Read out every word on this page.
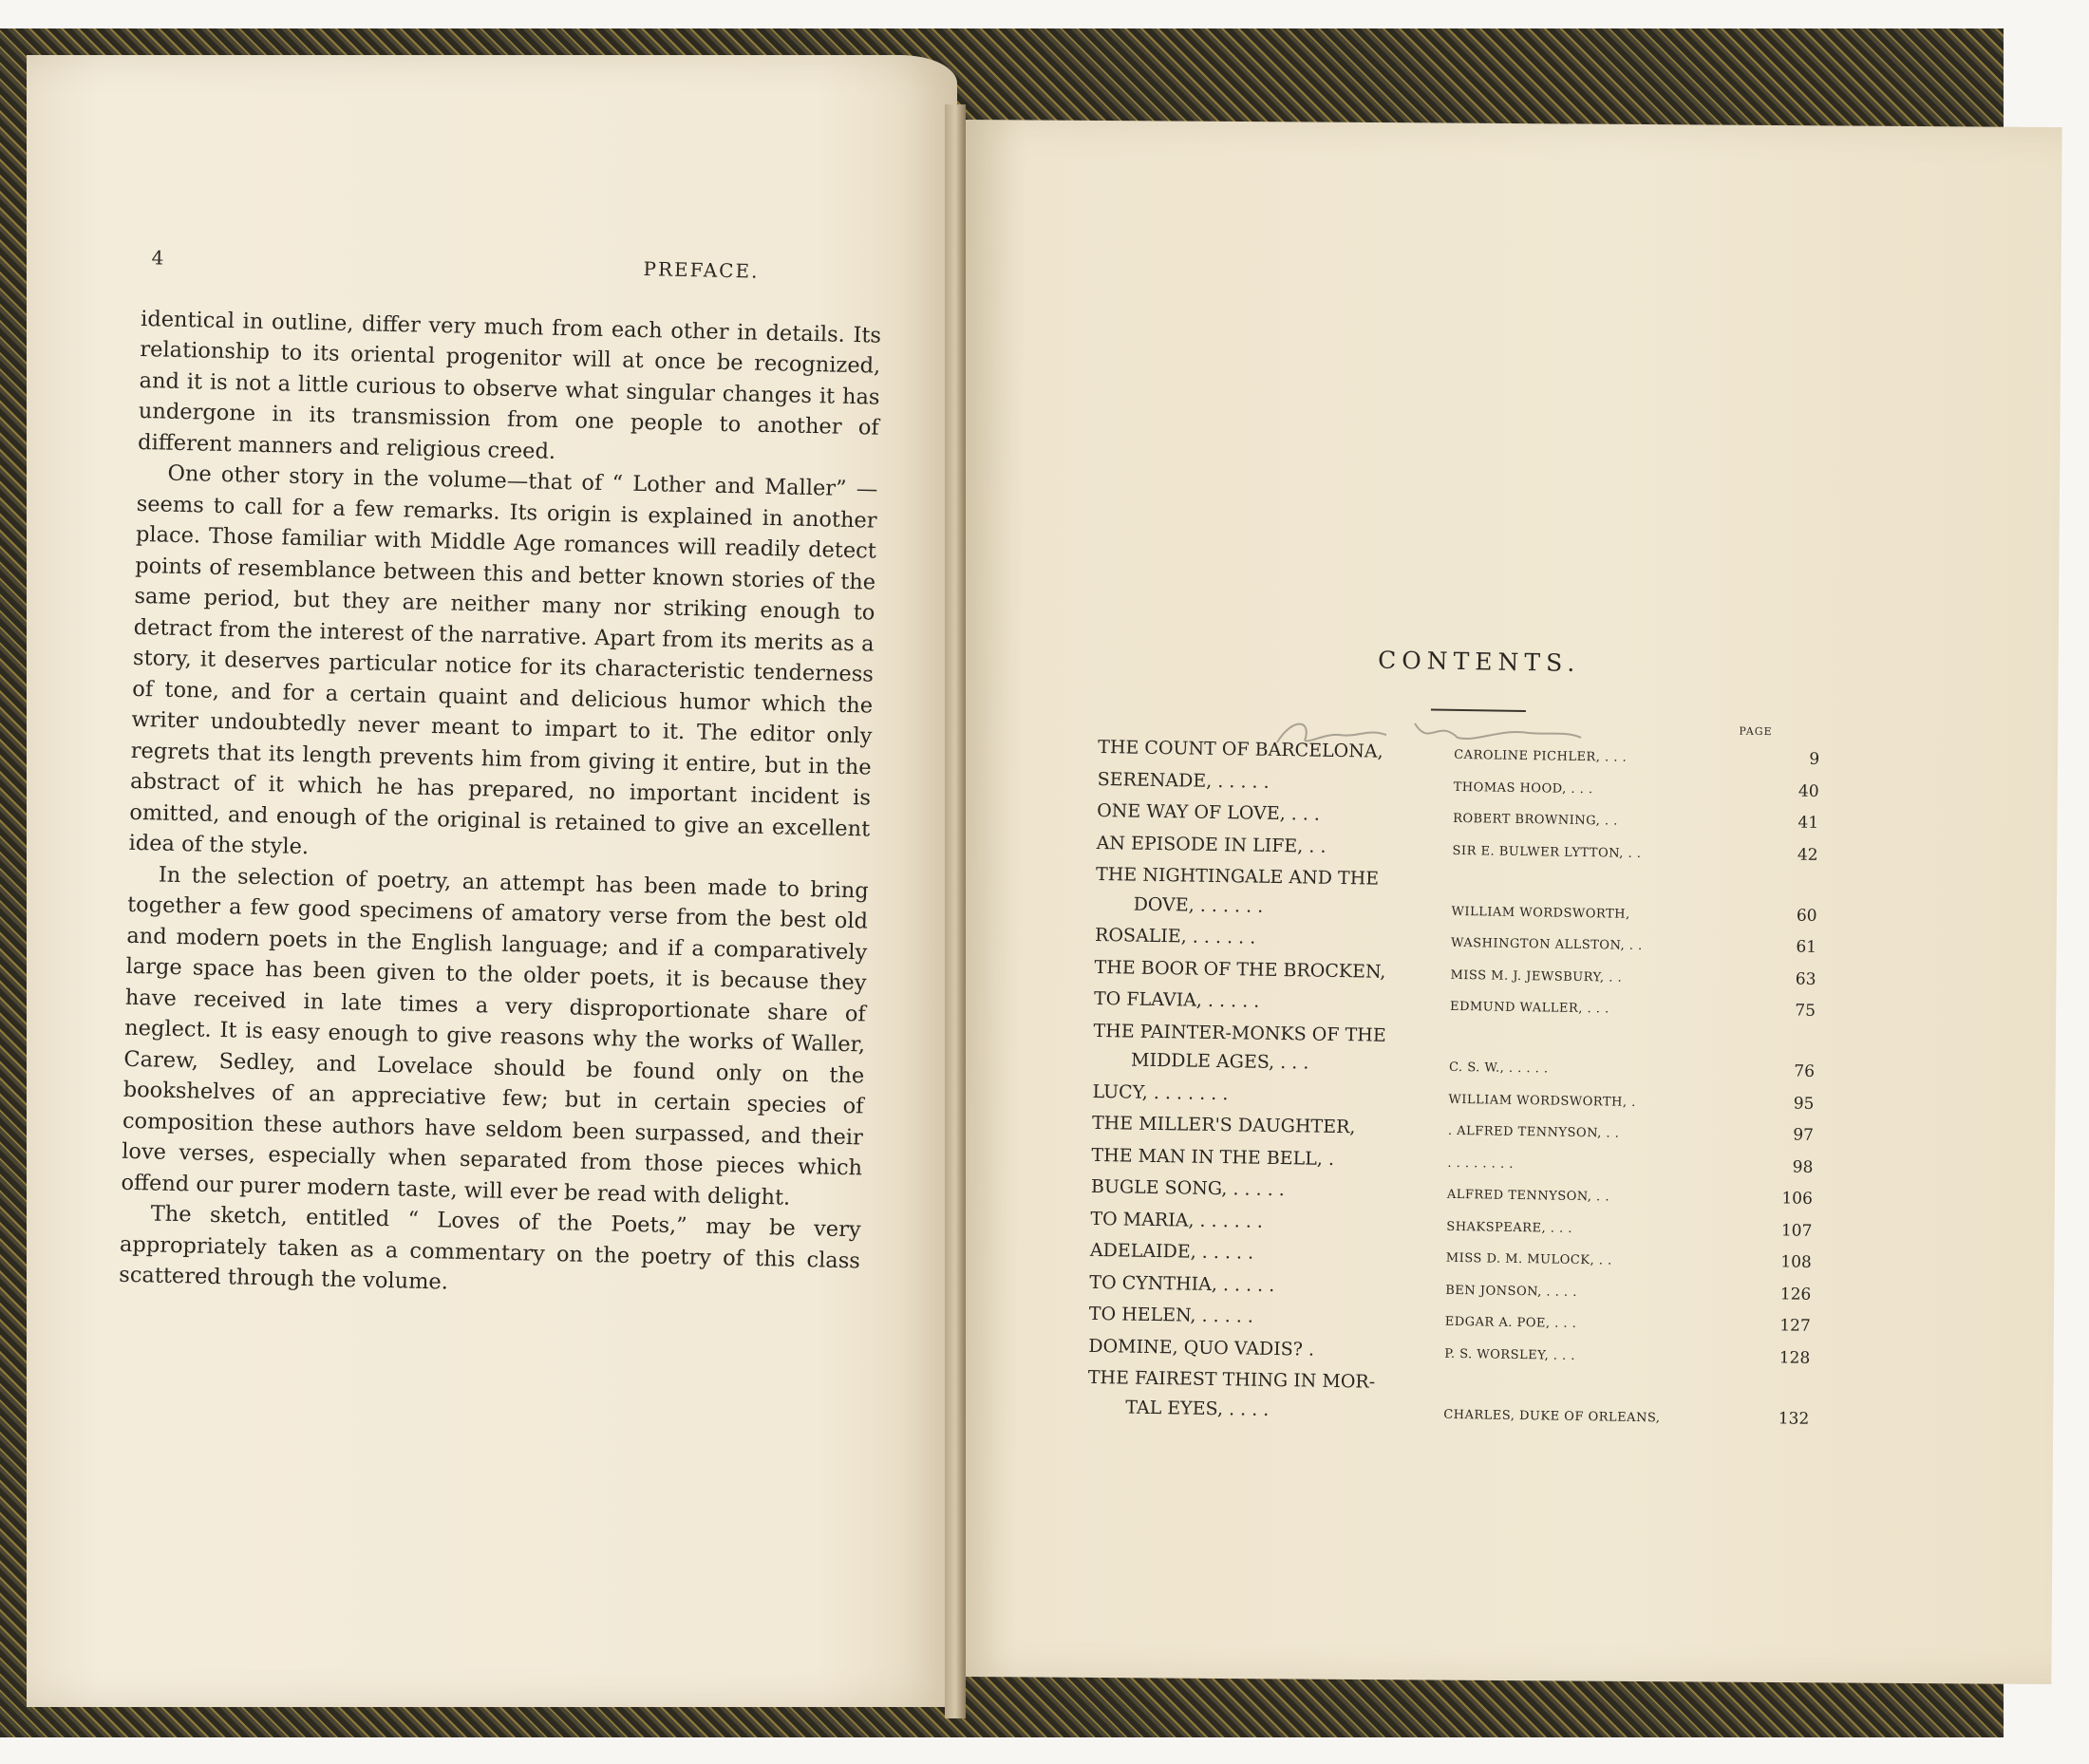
4	PREFACE.

identical in outline, differ very much from each other in details. Its relationship to its oriental progenitor will at once be recognized, and it is not a little curious to observe what singular changes it has undergone in its transmission from one people to another of different manners and religious creed.

One other story in the volume—that of “ Lother and Maller” —seems to call for a few remarks. Its origin is explained in another place. Those familiar with Middle Age romances will readily detect points of resemblance between this and better known stories of the same period, but they are neither many nor striking enough to detract from the interest of the narrative. Apart from its merits as a story, it deserves particular notice for its characteristic tenderness of tone, and for a certain quaint and delicious humor which the writer undoubtedly never meant to impart to it. The editor only regrets that its length prevents him from giving it entire, but in the abstract of it which he has prepared, no important incident is omitted, and enough of the original is retained to give an excellent idea of the style.

In the selection of poetry, an attempt has been made to bring together a few good specimens of amatory verse from the best old and modern poets in the English language; and if a comparatively large space has been given to the older poets, it is because they have received in late times a very disproportionate share of neglect. It is easy enough to give reasons why the works of Waller, Carew, Sedley, and Lovelace should be found only on the bookshelves of an appreciative few; but in certain species of composition these authors have seldom been surpassed, and their love verses, especially when separated from those pieces which offend our purer modern taste, will ever be read with delight.

The sketch, entitled “ Loves of the Poets,” may be very appropriately taken as a commentary on the poetry of this class scattered through the volume.

CONTENTS.
PAGE
THE COUNT OF BARCELONA,	CAROLINE PICHLER, . . .	9
SERENADE, . . . . .	THOMAS HOOD, . . .	40
ONE WAY OF LOVE, . . .	ROBERT BROWNING, . .	41
AN EPISODE IN LIFE, . .	SIR E. BULWER LYTTON, . .	42
THE NIGHTINGALE AND THE
DOVE, . . . . . .	WILLIAM WORDSWORTH,	60
ROSALIE, . . . . . .	WASHINGTON ALLSTON, . .	61
THE BOOR OF THE BROCKEN,	MISS M. J. JEWSBURY, . .	63
TO FLAVIA, . . . . .	EDMUND WALLER, . . .	75
THE PAINTER-MONKS OF THE
MIDDLE AGES, . . .	C. S. W., . . . . .	76
LUCY, . . . . . . .	WILLIAM WORDSWORTH, .	95
THE MILLER'S DAUGHTER,	. ALFRED TENNYSON, . .	97
THE MAN IN THE BELL, .	. . . . . . . .	98
BUGLE SONG, . . . . .	ALFRED TENNYSON, . .	106
TO MARIA, . . . . . .	SHAKSPEARE, . . .	107
ADELAIDE, . . . . .	MISS D. M. MULOCK, . .	108
TO CYNTHIA, . . . . .	BEN JONSON, . . . .	126
TO HELEN, . . . . .	EDGAR A. POE, . . .	127
DOMINE, QUO VADIS? .	P. S. WORSLEY, . . .	128
THE FAIREST THING IN MOR-
TAL EYES, . . . .	CHARLES, DUKE OF ORLEANS,	132
